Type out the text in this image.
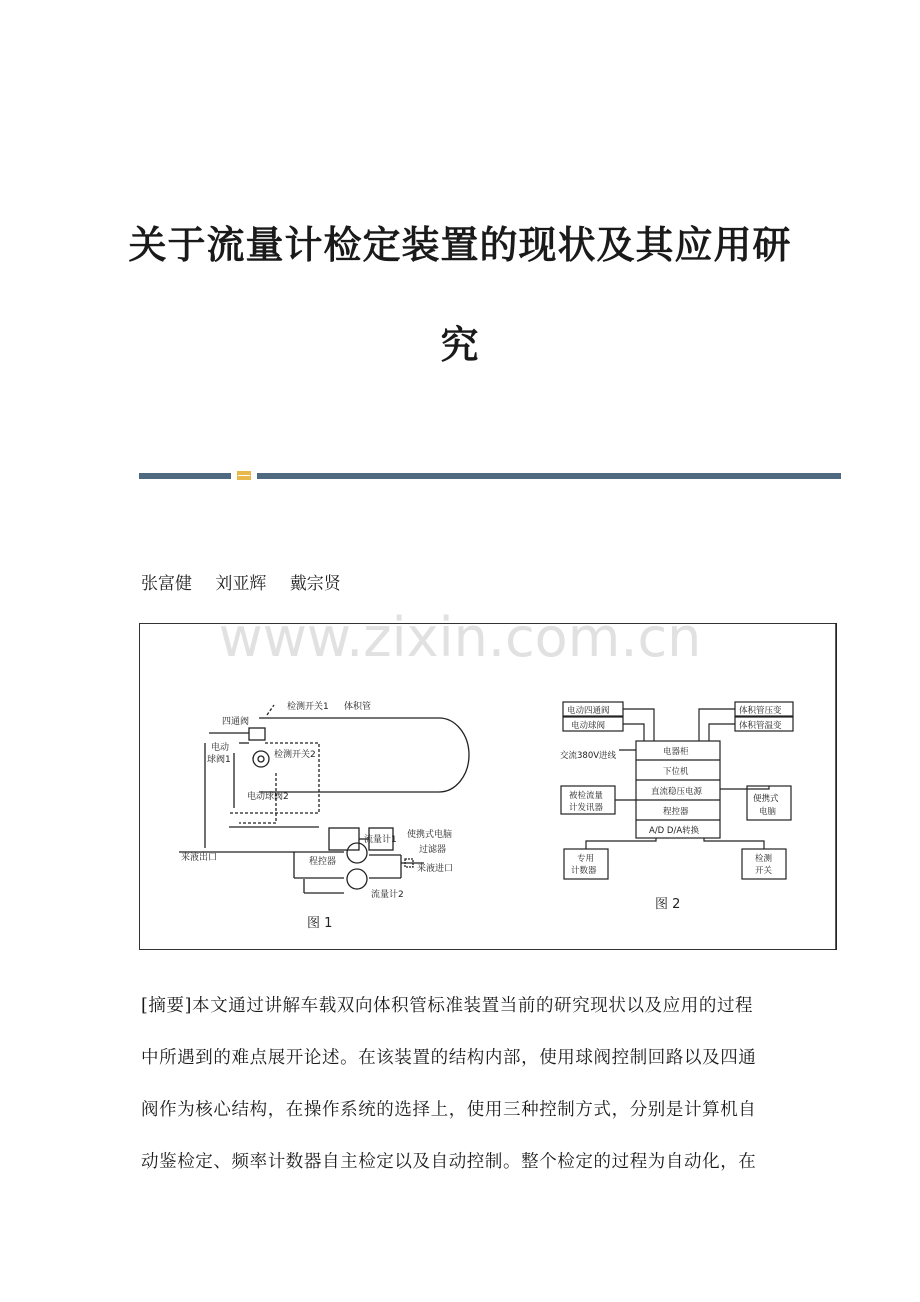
关于流量计检定装置的现状及其应用研
究
张富健 刘亚辉 戴宗贤
检测开关1 体积管
四通阀
电动
球阀1	检测开关2
电动球阀2
使携式电脑
程控器
流量计1
过滤器
来液进口
来液出口
流量计2
图 1
电动四通阀
电动球阀
体积管压变
体积管温变
交流380V进线	电器柜
下位机
直流稳压电源
程控器
A/D D/A转换
被检流量
计发讯器
便携式
电脑
专用
计数器
检测
开关
图 2
www.zixin.com.cn

[摘要]本文通过讲解车载双向体积管标准装置当前的研究现状以及应用的过程

中所遇到的难点展开论述。在该装置的结构内部，使用球阀控制回路以及四通

阀作为核心结构，在操作系统的选择上，使用三种控制方式，分别是计算机自

动鉴检定、频率计数器自主检定以及自动控制。整个检定的过程为自动化，在
